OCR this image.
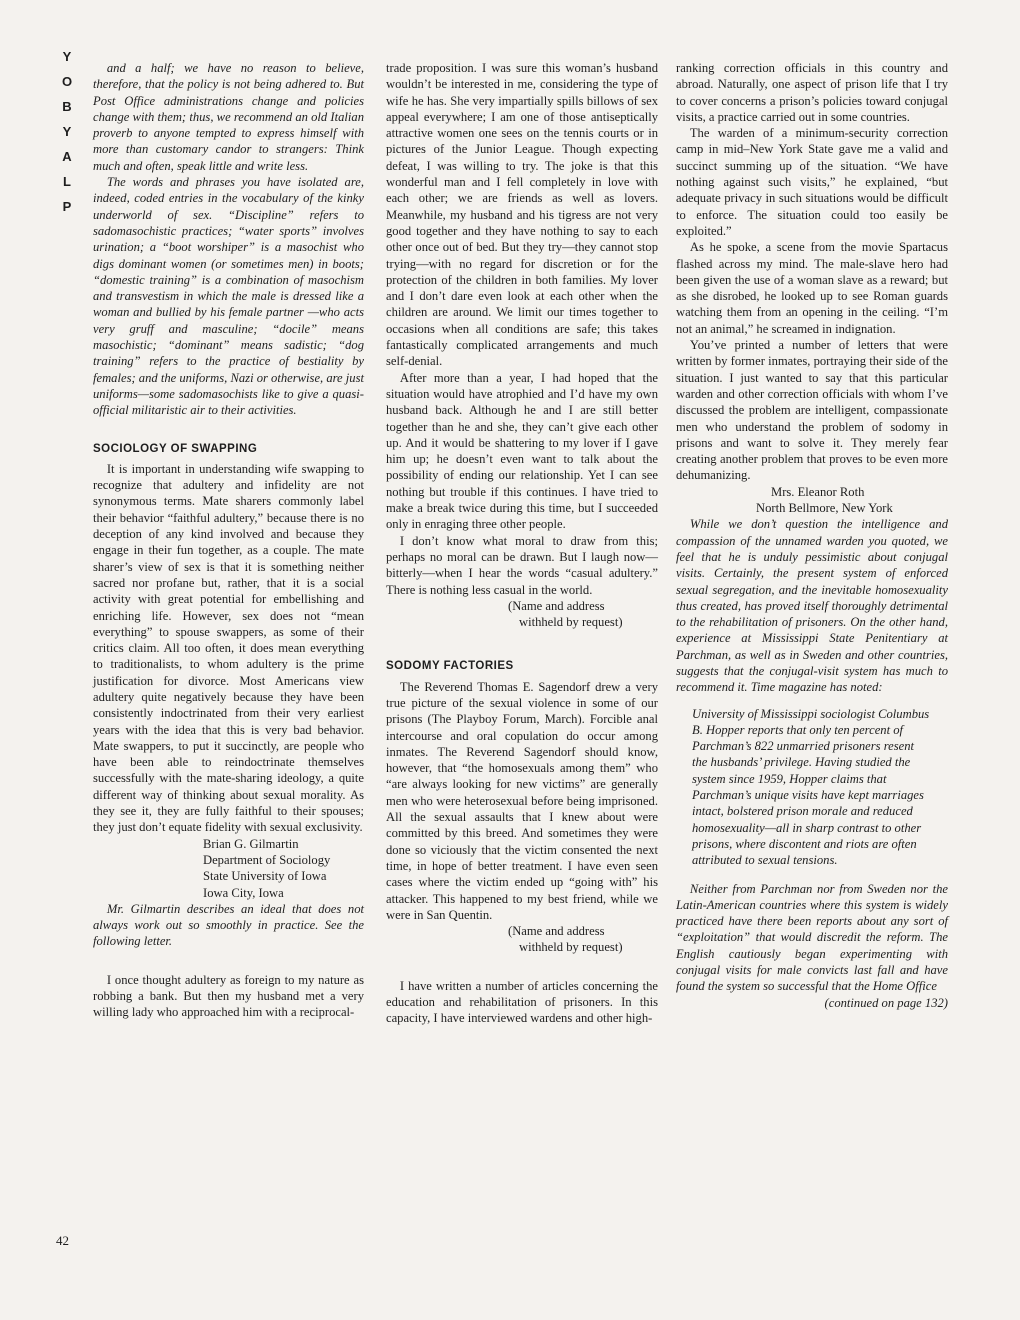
Y
O
B
Y
A
L
P
42

and a half; we have no reason to believe, therefore, that the policy is not being adhered to. But Post Office administrations change and policies change with them; thus, we recommend an old Italian proverb to anyone tempted to express himself with more than customary candor to strangers: Think much and often, speak little and write less.

The words and phrases you have isolated are, indeed, coded entries in the vocabulary of the kinky underworld of sex. “Discipline” refers to sadomasochistic practices; “water sports” involves urination; a “boot worshiper” is a masochist who digs dominant women (or sometimes men) in boots; “domestic training” is a combination of masochism and transvestism in which the male is dressed like a woman and bullied by his female partner —who acts very gruff and masculine; “docile” means masochistic; “dominant” means sadistic; “dog training” refers to the practice of bestiality by females; and the uniforms, Nazi or otherwise, are just uniforms—some sadomasochists like to give a quasi-official militaristic air to their activities.

SOCIOLOGY OF SWAPPING

It is important in understanding wife swapping to recognize that adultery and infidelity are not synonymous terms. Mate sharers commonly label their behavior “faithful adultery,” because there is no deception of any kind involved and because they engage in their fun together, as a couple. The mate sharer’s view of sex is that it is something neither sacred nor profane but, rather, that it is a social activity with great potential for embellishing and enriching life. However, sex does not “mean everything” to spouse swappers, as some of their critics claim. All too often, it does mean everything to traditionalists, to whom adultery is the prime justification for divorce. Most Americans view adultery quite negatively because they have been consistently indoctrinated from their very earliest years with the idea that this is very bad behavior. Mate swappers, to put it succinctly, are people who have been able to reindoctrinate themselves successfully with the mate-sharing ideology, a quite different way of thinking about sexual morality. As they see it, they are fully faithful to their spouses; they just don’t equate fidelity with sexual exclusivity.

Brian G. Gilmartin
Department of Sociology
State University of Iowa
Iowa City, Iowa

Mr. Gilmartin describes an ideal that does not always work out so smoothly in practice. See the following letter.

I once thought adultery as foreign to my nature as robbing a bank. But then my husband met a very willing lady who approached him with a reciprocal-

trade proposition. I was sure this woman’s husband wouldn’t be interested in me, considering the type of wife he has. She very impartially spills billows of sex appeal everywhere; I am one of those antiseptically attractive women one sees on the tennis courts or in pictures of the Junior League. Though expecting defeat, I was willing to try. The joke is that this wonderful man and I fell completely in love with each other; we are friends as well as lovers. Meanwhile, my husband and his tigress are not very good together and they have nothing to say to each other once out of bed. But they try—they cannot stop trying—with no regard for discretion or for the protection of the children in both families. My lover and I don’t dare even look at each other when the children are around. We limit our times together to occasions when all conditions are safe; this takes fantastically complicated arrangements and much self-denial.

After more than a year, I had hoped that the situation would have atrophied and I’d have my own husband back. Although he and I are still better together than he and she, they can’t give each other up. And it would be shattering to my lover if I gave him up; he doesn’t even want to talk about the possibility of ending our relationship. Yet I can see nothing but trouble if this continues. I have tried to make a break twice during this time, but I succeeded only in enraging three other people.

I don’t know what moral to draw from this; perhaps no moral can be drawn. But I laugh now—bitterly—when I hear the words “casual adultery.” There is nothing less casual in the world.

(Name and address
withheld by request)
SODOMY FACTORIES

The Reverend Thomas E. Sagendorf drew a very true picture of the sexual violence in some of our prisons (The Playboy Forum, March). Forcible anal intercourse and oral copulation do occur among inmates. The Reverend Sagendorf should know, however, that “the homosexuals among them” who “are always looking for new victims” are generally men who were heterosexual before being imprisoned. All the sexual assaults that I knew about were committed by this breed. And sometimes they were done so viciously that the victim consented the next time, in hope of better treatment. I have even seen cases where the victim ended up “going with” his attacker. This happened to my best friend, while we were in San Quentin.

(Name and address
withheld by request)

I have written a number of articles concerning the education and rehabilitation of prisoners. In this capacity, I have interviewed wardens and other high-

ranking correction officials in this country and abroad. Naturally, one aspect of prison life that I try to cover concerns a prison’s policies toward conjugal visits, a practice carried out in some countries.

The warden of a minimum-security correction camp in mid–New York State gave me a valid and succinct summing up of the situation. “We have nothing against such visits,” he explained, “but adequate privacy in such situations would be difficult to enforce. The situation could too easily be exploited.”

As he spoke, a scene from the movie Spartacus flashed across my mind. The male-slave hero had been given the use of a woman slave as a reward; but as she disrobed, he looked up to see Roman guards watching them from an opening in the ceiling. “I’m not an animal,” he screamed in indignation.

You’ve printed a number of letters that were written by former inmates, portraying their side of the situation. I just wanted to say that this particular warden and other correction officials with whom I’ve discussed the problem are intelligent, compassionate men who understand the problem of sodomy in prisons and want to solve it. They merely fear creating another problem that proves to be even more dehumanizing.

Mrs. Eleanor Roth
North Bellmore, New York

While we don’t question the intelligence and compassion of the unnamed warden you quoted, we feel that he is unduly pessimistic about conjugal visits. Certainly, the present system of enforced sexual segregation, and the inevitable homosexuality thus created, has proved itself thoroughly detrimental to the rehabilitation of prisoners. On the other hand, experience at Mississippi State Penitentiary at Parchman, as well as in Sweden and other countries, suggests that the conjugal-visit system has much to recommend it. Time magazine has noted:

University of Mississippi sociologist Columbus B. Hopper reports that only ten percent of Parchman’s 822 unmarried prisoners resent the husbands’ privilege. Having studied the system since 1959, Hopper claims that Parchman’s unique visits have kept marriages intact, bolstered prison morale and reduced homosexuality—all in sharp contrast to other prisons, where discontent and riots are often attributed to sexual tensions.

Neither from Parchman nor from Sweden nor the Latin-American countries where this system is widely practiced have there been reports about any sort of “exploitation” that would discredit the reform. The English cautiously began experimenting with conjugal visits for male convicts last fall and have found the system so successful that the Home Office

(continued on page 132)
